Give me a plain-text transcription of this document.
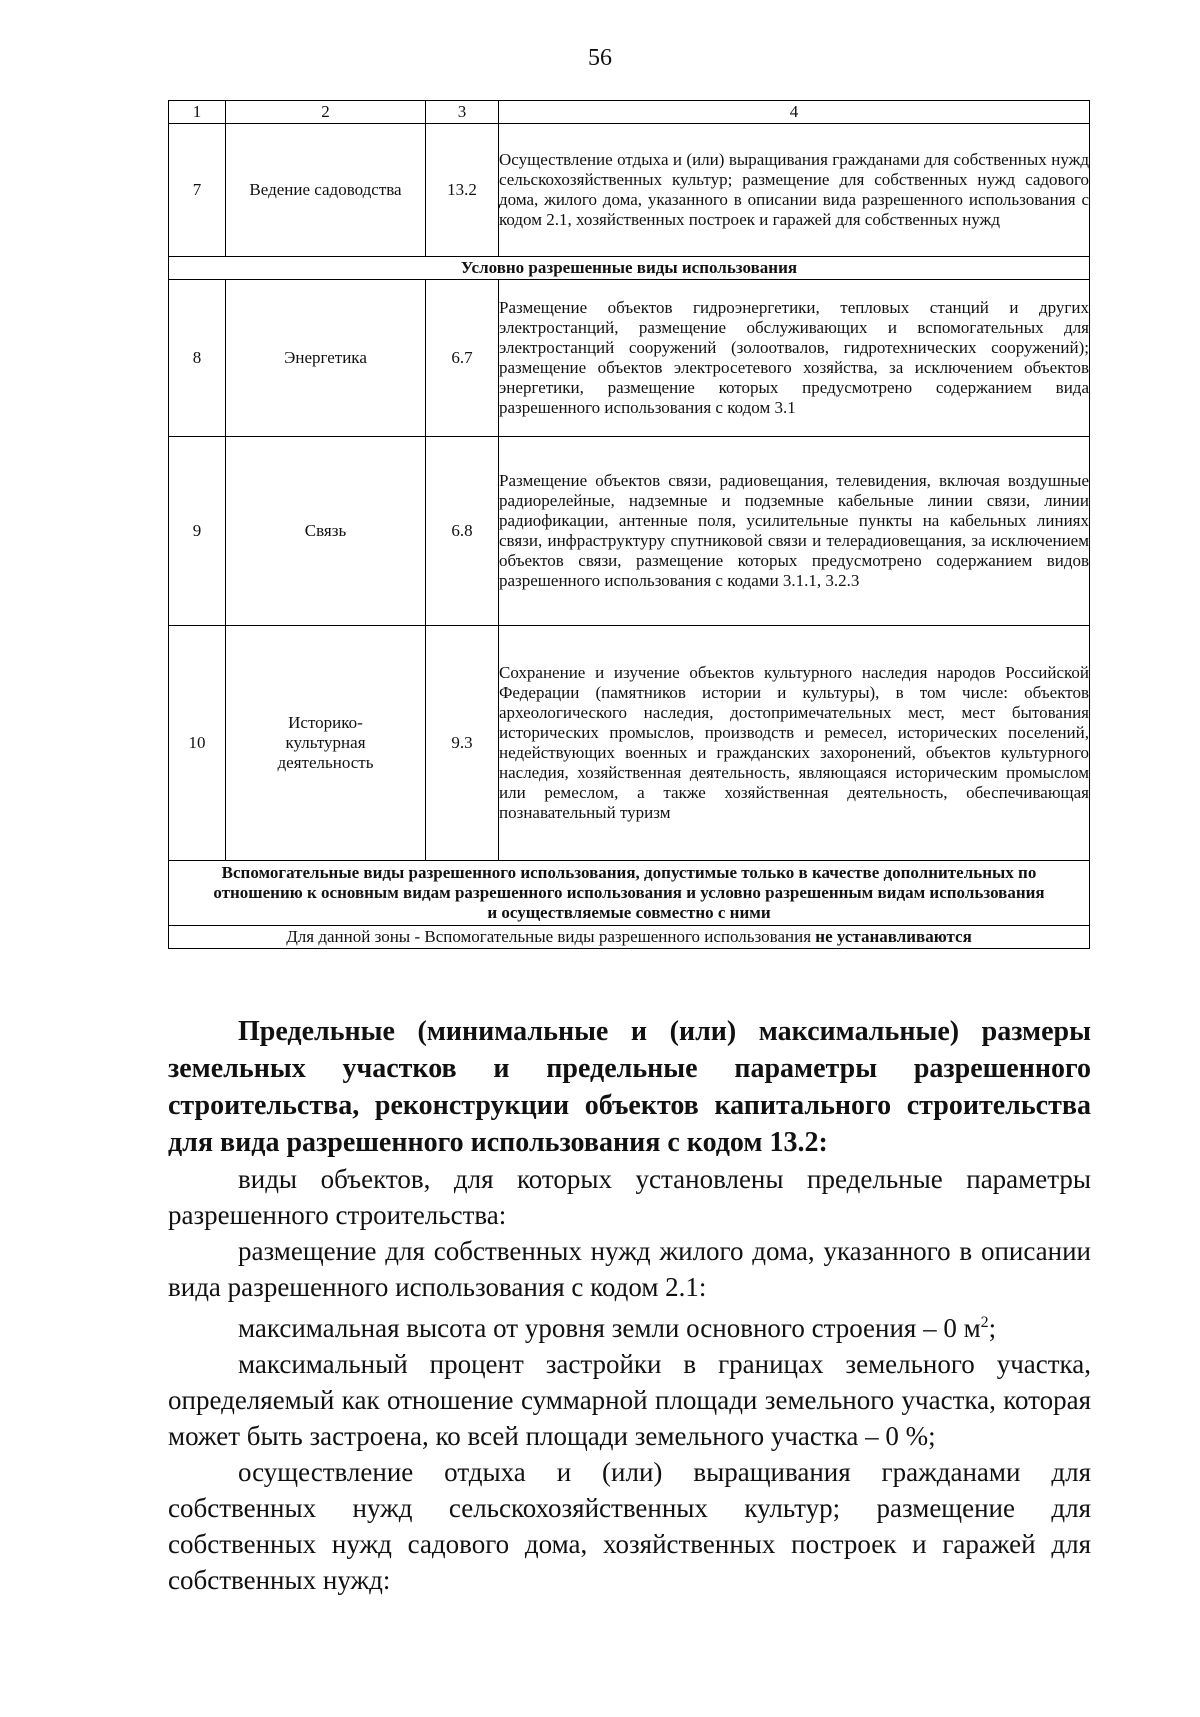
56
1	2	3	4
7	Ведение садоводства	13.2	Осуществление отдыха и (или) выращивания гражданами для собственных нужд сельскохозяйственных культур; размещение для собственных нужд садового дома, жилого дома, указанного в описании вида разрешенного использования с кодом 2.1, хозяйственных построек и гаражей для собственных нужд
Условно разрешенные виды использования			
8	Энергетика	6.7	Размещение объектов гидроэнергетики, тепловых станций и других электростанций, размещение обслуживающих и вспомогательных для электростанций сооружений (золоотвалов, гидротехнических сооружений); размещение объектов электросетевого хозяйства, за исключением объектов энергетики, размещение которых предусмотрено содержанием вида разрешенного использования с кодом 3.1
9	Связь	6.8	Размещение объектов связи, радиовещания, телевидения, включая воздушные радиорелейные, надземные и подземные кабельные линии связи, линии радиофикации, антенные поля, усилительные пункты на кабельных линиях связи, инфраструктуру спутниковой связи и телерадиовещания, за исключением объектов связи, размещение которых предусмотрено содержанием видов разрешенного использования с кодами 3.1.1, 3.2.3
10	Историко-культурная деятельность	9.3	Сохранение и изучение объектов культурного наследия народов Российской Федерации (памятников истории и культуры), в том числе: объектов археологического наследия, достопримечательных мест, мест бытования исторических промыслов, производств и ремесел, исторических поселений, недействующих военных и гражданских захоронений, объектов культурного наследия, хозяйственная деятельность, являющаяся историческим промыслом или ремеслом, а также хозяйственная деятельность, обеспечивающая познавательный туризм
Вспомогательные виды разрешенного использования, допустимые только в качестве дополнительных по отношению к основным видам разрешенного использования и условно разрешенным видам использования и осуществляемые совместно с ними			
Для данной зоны - Вспомогательные виды разрешенного использования не устанавливаются			

Предельные (минимальные и (или) максимальные) размеры земельных участков и предельные параметры разрешенного строительства, реконструкции объектов капитального строительства для вида разрешенного использования с кодом 13.2:

виды объектов, для которых установлены предельные параметры разрешенного строительства:

размещение для собственных нужд жилого дома, указанного в описании вида разрешенного использования с кодом 2.1:

максимальная высота от уровня земли основного строения – 0 $м^2$;

максимальный процент застройки в границах земельного участка, определяемый как отношение суммарной площади земельного участка, которая может быть застроена, ко всей площади земельного участка – 0 %;

осуществление отдыха и (или) выращивания гражданами для собственных нужд сельскохозяйственных культур; размещение для собственных нужд садового дома, хозяйственных построек и гаражей для собственных нужд:
